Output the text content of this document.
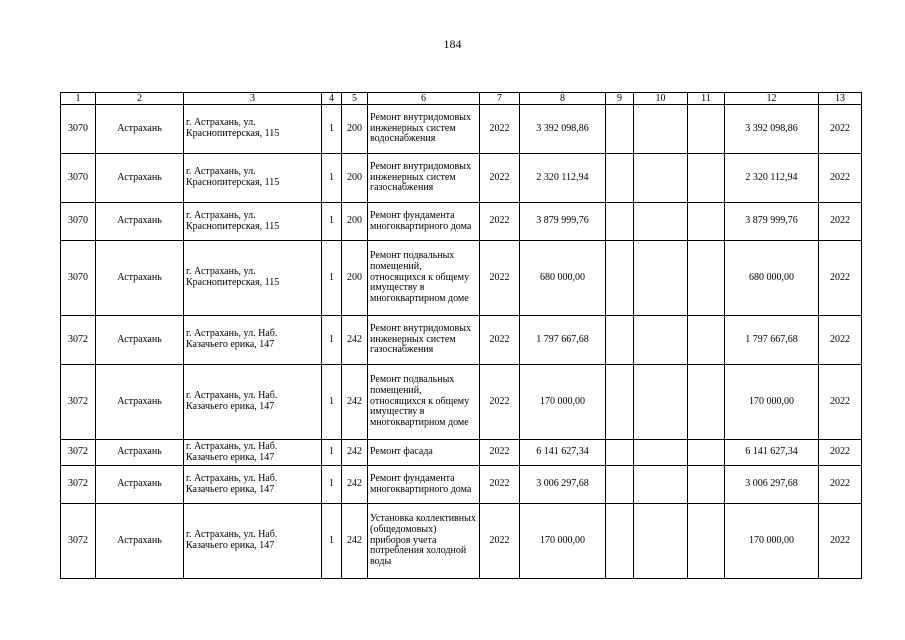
184
1	2	3	4	5	6	7	8	9	10	11	12	13
3070	Астрахань	г. Астрахань, ул. Краснопитерская, 115	1	200	Ремонт внутридомовых инженерных систем водоснабжения	2022	3 392 098,86				3 392 098,86	2022
3070	Астрахань	г. Астрахань, ул. Краснопитерская, 115	1	200	Ремонт внутридомовых инженерных систем газоснабжения	2022	2 320 112,94				2 320 112,94	2022
3070	Астрахань	г. Астрахань, ул. Краснопитерская, 115	1	200	Ремонт фундамента многоквартирного дома	2022	3 879 999,76				3 879 999,76	2022
3070	Астрахань	г. Астрахань, ул. Краснопитерская, 115	1	200	Ремонт подвальных помещений, относящихся к общему имуществу в многоквартирном доме	2022	680 000,00				680 000,00	2022
3072	Астрахань	г. Астрахань, ул. Наб. Казачьего ерика, 147	1	242	Ремонт внутридомовых инженерных систем газоснабжения	2022	1 797 667,68				1 797 667,68	2022
3072	Астрахань	г. Астрахань, ул. Наб. Казачьего ерика, 147	1	242	Ремонт подвальных помещений, относящихся к общему имуществу в многоквартирном доме	2022	170 000,00				170 000,00	2022
3072	Астрахань	г. Астрахань, ул. Наб. Казачьего ерика, 147	1	242	Ремонт фасада	2022	6 141 627,34				6 141 627,34	2022
3072	Астрахань	г. Астрахань, ул. Наб. Казачьего ерика, 147	1	242	Ремонт фундамента многоквартирного дома	2022	3 006 297,68				3 006 297,68	2022
3072	Астрахань	г. Астрахань, ул. Наб. Казачьего ерика, 147	1	242	Установка коллективных (общедомовых) приборов учета потребления холодной воды	2022	170 000,00				170 000,00	2022
